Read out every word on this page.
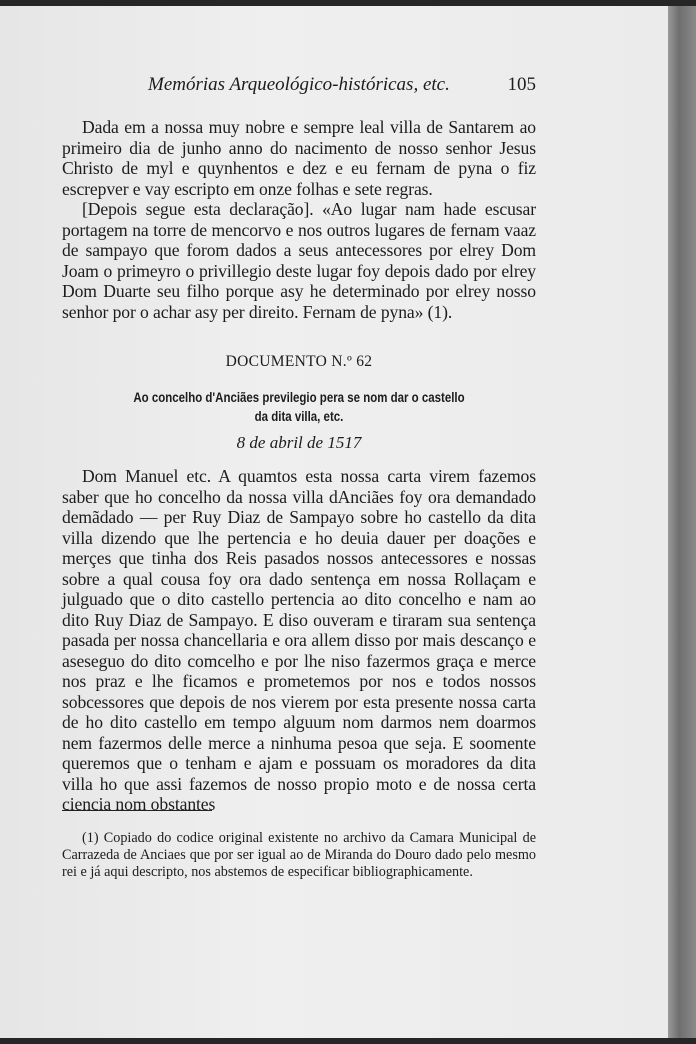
Memórias Arqueológico-históricas, etc.	105

Dada em a nossa muy nobre e sempre leal villa de Santarem ao primeiro dia de junho anno do nacimento de nosso senhor Jesus Christo de myl e quynhentos e dez e eu fernam de pyna o fiz escrepver e vay escripto em onze folhas e sete regras.

[Depois segue esta declaração]. «Ao lugar nam hade escusar portagem na torre de mencorvo e nos outros lugares de fernam vaaz de sampayo que forom dados a seus antecessores por elrey Dom Joam o primeyro o privillegio deste lugar foy depois dado por elrey Dom Duarte seu filho porque asy he determinado por elrey nosso senhor por o achar asy per direito. Fernam de pyna» (1).

DOCUMENTO N.º 62
Ao concelho d'Anciães previlegio pera se nom dar o castello
da dita villa, etc.
8 de abril de 1517

Dom Manuel etc. A quamtos esta nossa carta virem fazemos saber que ho concelho da nossa villa dAnciães foy ora demandado demãdado — per Ruy Diaz de Sampayo sobre ho castello da dita villa dizendo que lhe pertencia e ho deuia dauer per doações e merçes que tinha dos Reis pasados nossos antecessores e nossas sobre a qual cousa foy ora dado sentença em nossa Rollaçam e julguado que o dito castello pertencia ao dito concelho e nam ao dito Ruy Diaz de Sampayo. E diso ouveram e tiraram sua sentença pasada per nossa chancellaria e ora allem disso por mais descanço e aseseguo do dito comcelho e por lhe niso fazermos graça e merce nos praz e lhe ficamos e prometemos por nos e todos nossos sobcessores que depois de nos vierem por esta presente nossa carta de ho dito castello em tempo alguum nom darmos nem doarmos nem fazermos delle merce a ninhuma pesoa que seja. E soomente queremos que o tenham e ajam e possuam os moradores da dita villa ho que assi fazemos de nosso propio moto e de nossa certa ciencia nom obstantes

(1) Copiado do codice original existente no archivo da Camara Municipal de Carrazeda de Anciaes que por ser igual ao de Miranda do Douro dado pelo mesmo rei e já aqui descripto, nos abstemos de especificar bibliographicamente.
